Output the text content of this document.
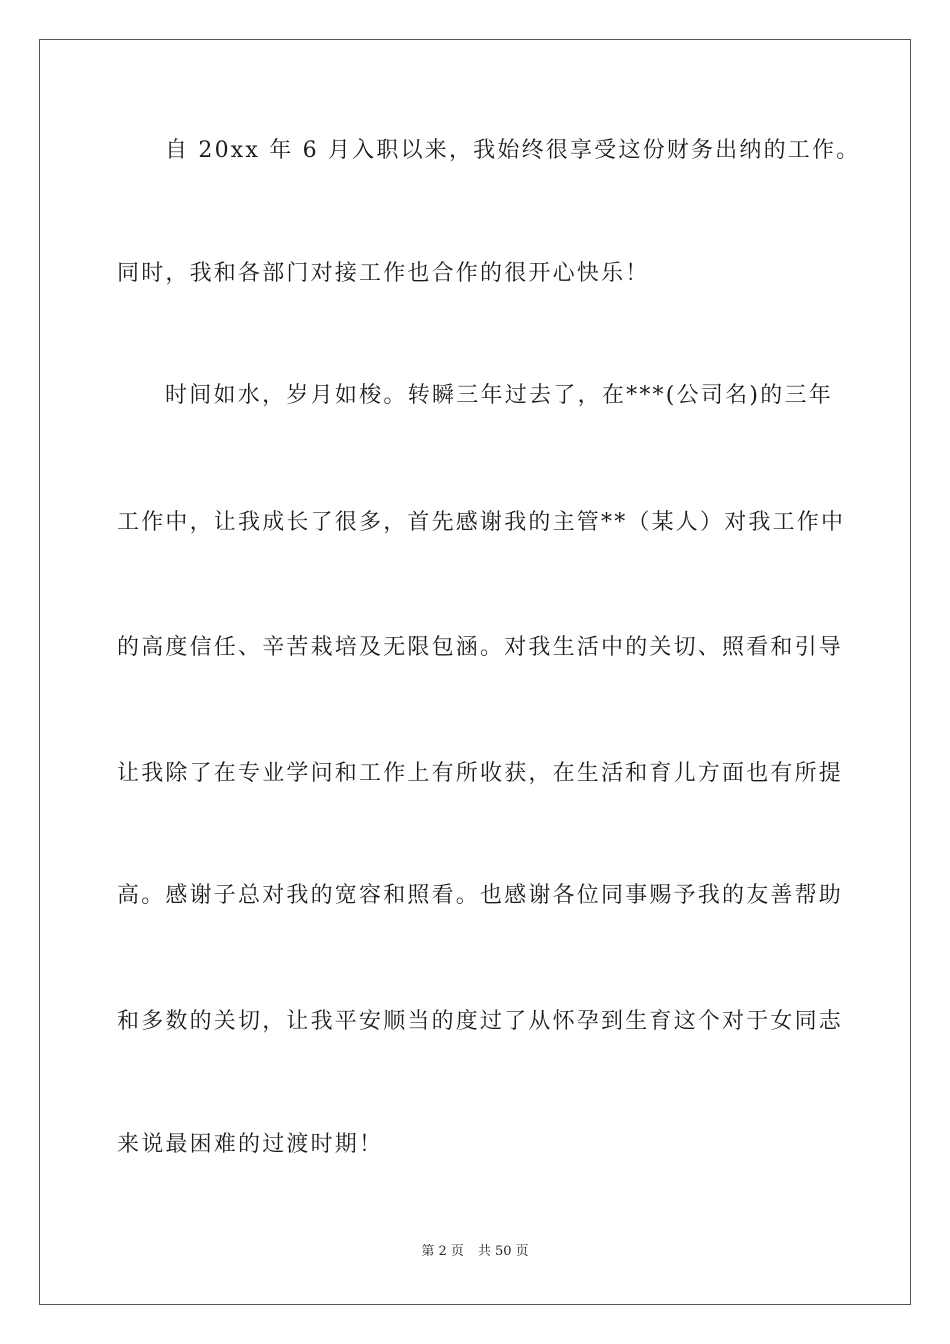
自 20xx 年 6 月入职以来，我始终很享受这份财务出纳的工作。
同时，我和各部门对接工作也合作的很开心快乐！
时间如水，岁月如梭。转瞬三年过去了，在***(公司名)的三年
工作中，让我成长了很多，首先感谢我的主管**（某人）对我工作中
的高度信任、辛苦栽培及无限包涵。对我生活中的关切、照看和引导
让我除了在专业学问和工作上有所收获，在生活和育儿方面也有所提
高。感谢子总对我的宽容和照看。也感谢各位同事赐予我的友善帮助
和多数的关切，让我平安顺当的度过了从怀孕到生育这个对于女同志
来说最困难的过渡时期！
第 2 页 共 50 页
